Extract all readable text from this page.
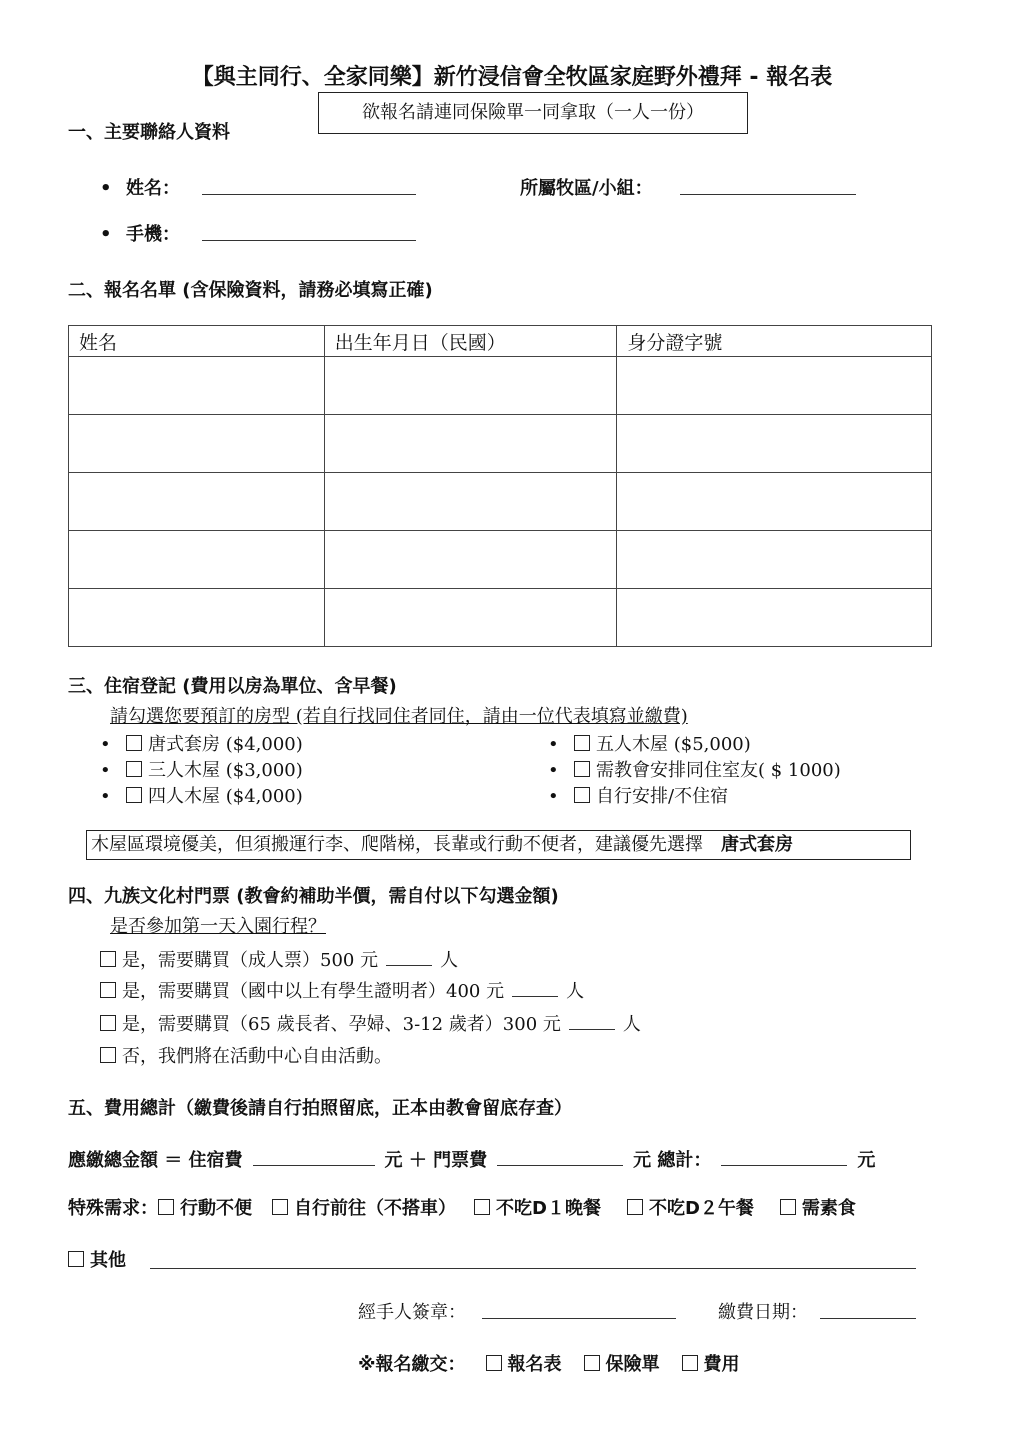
【與主同行、全家同樂】新竹浸信會全牧區家庭野外禮拜 - 報名表
欲報名請連同保險單一同拿取（一人一份）
一、主要聯絡人資料
• 姓名：	所屬牧區/小組：
• 手機：
二、報名名單 (含保險資料，請務必填寫正確)
姓名	出生年月日（民國）	身分證字號

三、住宿登記 (費用以房為單位、含早餐)
請勾選您要預訂的房型 (若自行找同住者同住，請由一位代表填寫並繳費)
• 唐式套房 ($4,000)
• 三人木屋 ($3,000)
• 四人木屋 ($4,000)
• 五人木屋 ($5,000)
• 需教會安排同住室友( $ 1000)
• 自行安排/不住宿
木屋區環境優美，但須搬運行李、爬階梯，長輩或行動不便者，建議優先選擇 唐式套房
四、九族文化村門票 (教會約補助半價，需自付以下勾選金額)
是否參加第一天入園行程？
是，需要購買（成人票）500 元	人
是，需要購買（國中以上有學生證明者）400 元	人
是，需要購買（65 歲長者、孕婦、3-12 歲者）300 元	人
否，我們將在活動中心自由活動。
五、費用總計（繳費後請自行拍照留底，正本由教會留底存查）
應繳總金額 ＝ 住宿費	元 ＋ 門票費	元 總計：	元
特殊需求： 行動不便 自行前往（不搭車） 不吃D１晚餐	不吃D２午餐	需素食
其他
經手人簽章：	繳費日期：
※報名繳交： 報名表 保險單 費用
